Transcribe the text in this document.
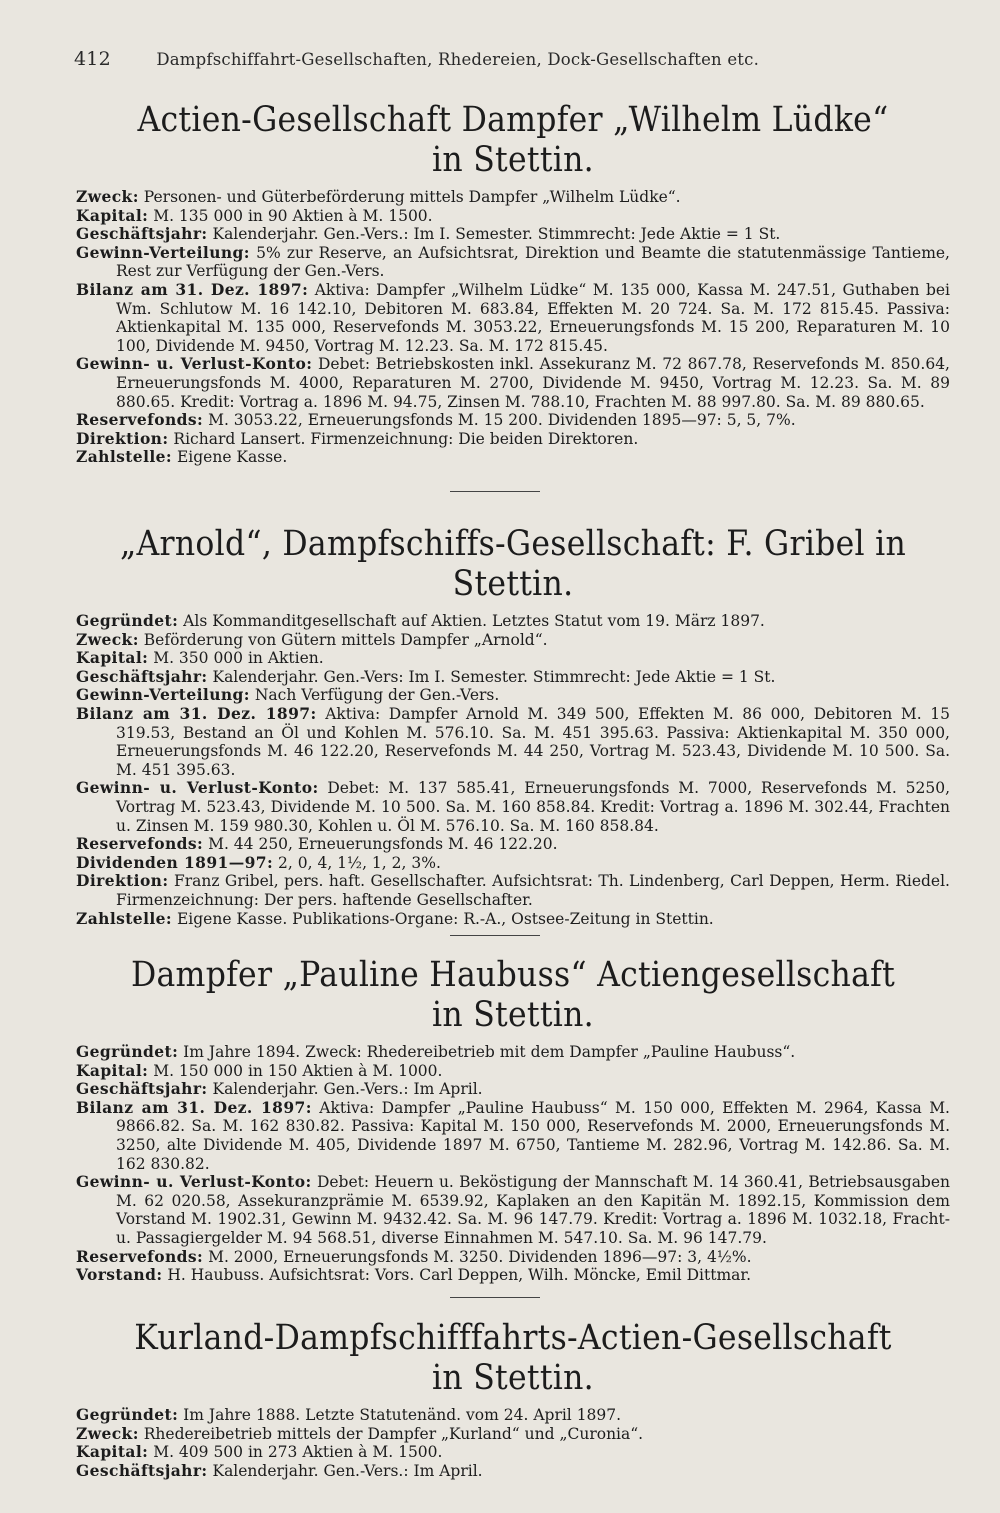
412	Dampfschiffahrt-Gesellschaften, Rhedereien, Dock-Gesellschaften etc.
Actien-Gesellschaft Dampfer „Wilhelm Lüdke“ in Stettin.

Zweck: Personen- und Güterbeförderung mittels Dampfer „Wilhelm Lüdke“.

Kapital: M. 135 000 in 90 Aktien à M. 1500.

Geschäftsjahr: Kalenderjahr. Gen.-Vers.: Im I. Semester. Stimmrecht: Jede Aktie = 1 St.

Gewinn-Verteilung: 5% zur Reserve, an Aufsichtsrat, Direktion und Beamte die statutenmässige Tantieme, Rest zur Verfügung der Gen.-Vers.

Bilanz am 31. Dez. 1897: Aktiva: Dampfer „Wilhelm Lüdke“ M. 135 000, Kassa M. 247.51, Guthaben bei Wm. Schlutow M. 16 142.10, Debitoren M. 683.84, Effekten M. 20 724. Sa. M. 172 815.45. Passiva: Aktienkapital M. 135 000, Reservefonds M. 3053.22, Erneuerungsfonds M. 15 200, Reparaturen M. 10 100, Dividende M. 9450, Vortrag M. 12.23. Sa. M. 172 815.45.

Gewinn- u. Verlust-Konto: Debet: Betriebskosten inkl. Assekuranz M. 72 867.78, Reservefonds M. 850.64, Erneuerungsfonds M. 4000, Reparaturen M. 2700, Dividende M. 9450, Vortrag M. 12.23. Sa. M. 89 880.65. Kredit: Vortrag a. 1896 M. 94.75, Zinsen M. 788.10, Frachten M. 88 997.80. Sa. M. 89 880.65.

Reservefonds: M. 3053.22, Erneuerungsfonds M. 15 200. Dividenden 1895—97: 5, 5, 7%.

Direktion: Richard Lansert. Firmenzeichnung: Die beiden Direktoren.

Zahlstelle: Eigene Kasse.

„Arnold“, Dampfschiffs-Gesellschaft: F. Gribel in Stettin.

Gegründet: Als Kommanditgesellschaft auf Aktien. Letztes Statut vom 19. März 1897.

Zweck: Beförderung von Gütern mittels Dampfer „Arnold“.

Kapital: M. 350 000 in Aktien.

Geschäftsjahr: Kalenderjahr. Gen.-Vers: Im I. Semester. Stimmrecht: Jede Aktie = 1 St.

Gewinn-Verteilung: Nach Verfügung der Gen.-Vers.

Bilanz am 31. Dez. 1897: Aktiva: Dampfer Arnold M. 349 500, Effekten M. 86 000, Debitoren M. 15 319.53, Bestand an Öl und Kohlen M. 576.10. Sa. M. 451 395.63. Passiva: Aktienkapital M. 350 000, Erneuerungsfonds M. 46 122.20, Reservefonds M. 44 250, Vortrag M. 523.43, Dividende M. 10 500. Sa. M. 451 395.63.

Gewinn- u. Verlust-Konto: Debet: M. 137 585.41, Erneuerungsfonds M. 7000, Reservefonds M. 5250, Vortrag M. 523.43, Dividende M. 10 500. Sa. M. 160 858.84. Kredit: Vortrag a. 1896 M. 302.44, Frachten u. Zinsen M. 159 980.30, Kohlen u. Öl M. 576.10. Sa. M. 160 858.84.

Reservefonds: M. 44 250, Erneuerungsfonds M. 46 122.20.

Dividenden 1891—97: 2, 0, 4, 1½, 1, 2, 3%.

Direktion: Franz Gribel, pers. haft. Gesellschafter. Aufsichtsrat: Th. Lindenberg, Carl Deppen, Herm. Riedel. Firmenzeichnung: Der pers. haftende Gesellschafter.

Zahlstelle: Eigene Kasse. Publikations-Organe: R.-A., Ostsee-Zeitung in Stettin.

Dampfer „Pauline Haubuss“ Actiengesellschaft in Stettin.

Gegründet: Im Jahre 1894. Zweck: Rhedereibetrieb mit dem Dampfer „Pauline Haubuss“.

Kapital: M. 150 000 in 150 Aktien à M. 1000.

Geschäftsjahr: Kalenderjahr. Gen.-Vers.: Im April.

Bilanz am 31. Dez. 1897: Aktiva: Dampfer „Pauline Haubuss“ M. 150 000, Effekten M. 2964, Kassa M. 9866.82. Sa. M. 162 830.82. Passiva: Kapital M. 150 000, Reservefonds M. 2000, Erneuerungsfonds M. 3250, alte Dividende M. 405, Dividende 1897 M. 6750, Tantieme M. 282.96, Vortrag M. 142.86. Sa. M. 162 830.82.

Gewinn- u. Verlust-Konto: Debet: Heuern u. Beköstigung der Mannschaft M. 14 360.41, Betriebsausgaben M. 62 020.58, Assekuranzprämie M. 6539.92, Kaplaken an den Kapitän M. 1892.15, Kommission dem Vorstand M. 1902.31, Gewinn M. 9432.42. Sa. M. 96 147.79. Kredit: Vortrag a. 1896 M. 1032.18, Fracht- u. Passagiergelder M. 94 568.51, diverse Einnahmen M. 547.10. Sa. M. 96 147.79.

Reservefonds: M. 2000, Erneuerungsfonds M. 3250. Dividenden 1896—97: 3, 4½%.

Vorstand: H. Haubuss. Aufsichtsrat: Vors. Carl Deppen, Wilh. Möncke, Emil Dittmar.

Kurland-Dampfschifffahrts-Actien-Gesellschaft in Stettin.

Gegründet: Im Jahre 1888. Letzte Statutenänd. vom 24. April 1897.

Zweck: Rhedereibetrieb mittels der Dampfer „Kurland“ und „Curonia“.

Kapital: M. 409 500 in 273 Aktien à M. 1500.

Geschäftsjahr: Kalenderjahr. Gen.-Vers.: Im April.
